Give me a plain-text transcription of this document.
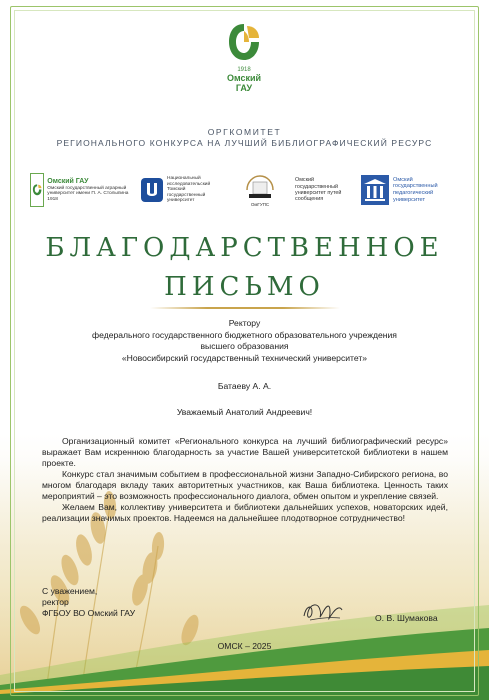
1918
Омский
ГАУ
ОРГКОМИТЕТ
РЕГИОНАЛЬНОГО КОНКУРСА НА ЛУЧШИЙ БИБЛИОГРАФИЧЕСКИЙ РЕСУРС
Омский ГАУ
Омский государственный аграрный университет имени П. А. Столыпина
1918
Национальный исследовательский Томский государственный университет
ОмГУПС
Омский государственный университет путей сообщения
Омский государственный педагогический университет
БЛАГОДАРСТВЕННОЕ
ПИСЬМО
Ректору
федерального государственного бюджетного образовательного учреждения
высшего образования
«Новосибирский государственный технический университет»
Батаеву А. А.
Уважаемый Анатолий Андреевич!

Организационный комитет «Регионального конкурса на лучший библиографический ресурс» выражает Вам искреннюю благодарность за участие Вашей университетской библиотеки в нашем проекте.

Конкурс стал значимым событием в профессиональной жизни Западно-Сибирского региона, во многом благодаря вкладу таких авторитетных участников, как Ваша библиотека. Ценность таких мероприятий – это возможность профессионального диалога, обмен опытом и укрепление связей.

Желаем Вам, коллективу университета и библиотеки дальнейших успехов, новаторских идей, реализации значимых проектов. Надеемся на дальнейшее плодотворное сотрудничество!

С уважением,
ректор
ФГБОУ ВО Омский ГАУ	О. В. Шумакова
ОМСК – 2025
